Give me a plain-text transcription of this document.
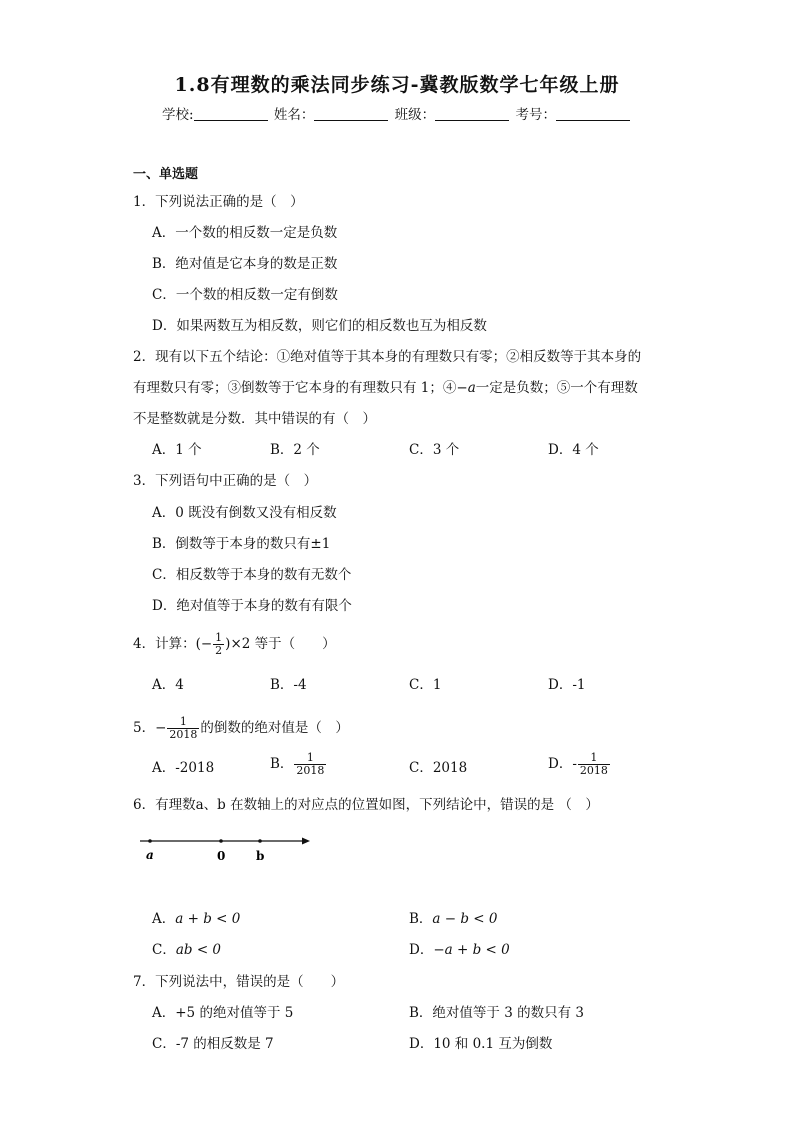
1.8有理数的乘法同步练习-冀教版数学七年级上册
学校:	姓名：	班级：	考号：
一、单选题
1．下列说法正确的是（　）
A．一个数的相反数一定是负数
B．绝对值是它本身的数是正数
C．一个数的相反数一定有倒数
D．如果两数互为相反数，则它们的相反数也互为相反数
2．现有以下五个结论：①绝对值等于其本身的有理数只有零；②相反数等于其本身的
有理数只有零；③倒数等于它本身的有理数只有 1；④−a一定是负数；⑤一个有理数
不是整数就是分数．其中错误的有（　）
A．1 个	B．2 个	C．3 个	D．4 个
3．下列语句中正确的是（　）
A．0 既没有倒数又没有相反数
B．倒数等于本身的数只有±1
C．相反数等于本身的数有无数个
D．绝对值等于本身的数有有限个
4．计算：(− $\frac{1}{2} )\times 2$ 等于（　　）
A．4	B．-4	C．1	D．-1
5．− $\frac{1}{2018}$ 的倒数的绝对值是（　）
A．-2018	B． $\frac{1}{2018}$	C．2018	D．- $\frac{1}{2018}$
6．有理数a、b 在数轴上的对应点的位置如图，下列结论中，错误的是 （　）
a	0	b
A．a + b < 0	B．a − b < 0
C．ab < 0	D．−a + b < 0
7．下列说法中，错误的是（　　）
A．+5 的绝对值等于 5	B．绝对值等于 3 的数只有 3
C．-7 的相反数是 7	D．10 和 0.1 互为倒数
